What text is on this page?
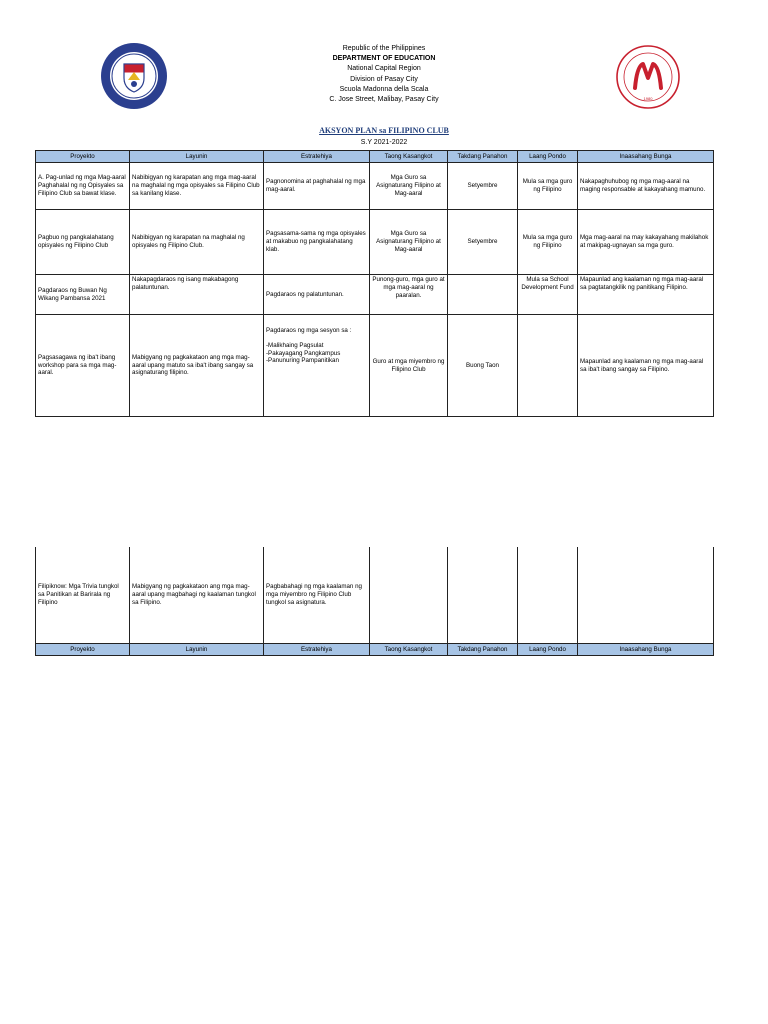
1980
Republic of the Philippines
DEPARTMENT OF EDUCATION
National Capital Region
Division of Pasay City
Scuola Madonna della Scala
C. Jose Street, Malibay, Pasay City
AKSYON PLAN sa FILIPINO CLUB
S.Y 2021-2022
Proyekto	Layunin	Estratehiya	Taong Kasangkot	Takdang Panahon	Laang Pondo	Inaasahang Bunga
A. Pag-unlad ng mga Mag-aaral Paghahalal ng ng Opisyales sa Filipino Club sa bawat klase.	Nabibigyan ng karapatan ang mga mag-aaral na maghalal ng mga opisyales sa Filipino Club sa kanilang klase.	Pagnonomina at paghahalal ng mga mag-aaral.	Mga Guro sa Asignaturang Filipino at Mag-aaral	Setyembre	Mula sa mga guro ng Filipino	Nakapaghuhubog ng mga mag-aaral na maging responsable at kakayahang mamuno.
Pagbuo ng pangkalahatang opisyales ng Filipino Club	Nabibigyan ng karapatan na maghalal ng opisyales ng Filipino Club.	Pagsasama-sama ng mga opisyales at makabuo ng pangkalahatang klab.	Mga Guro sa Asignaturang Filipino at Mag-aaral	Setyembre	Mula sa mga guro ng Filipino	Mga mag-aaral na may kakayahang makilahok at makipag-ugnayan sa mga guro.
Pagdaraos ng Buwan Ng Wikang Pambansa 2021	Nakapagdaraos ng isang makabagong palatuntunan.	Pagdaraos ng palatuntunan.	Punong-guro, mga guro at mga mag-aaral ng paaralan.		Mula sa School Development Fund	Mapaunlad ang kaalaman ng mga mag-aaral sa pagtatangkilik ng panitikang Filipino.
Pagsasagawa ng iba't ibang workshop para sa mga mag-aaral.	Mabigyang ng pagkakataon ang mga mag-aaral upang matuto sa iba't ibang sangay sa asignaturang filipino.	Pagdaraos ng mga sesyon sa :
-Malikhaing Pagsulat
-Pakayagang Pangkampus
-Panunuring Pampanitikan	Guro at mga miyembro ng Filipino Club	Buong Taon		Mapaunlad ang kaalaman ng mga mag-aaral sa iba't ibang sangay sa Filipino.
Filipiknow: Mga Trivia tungkol sa Panitikan at Barirala ng Filipino	Mabigyang ng pagkakataon ang mga mag-aaral upang magbahagi ng kaalaman tungkol sa Filipino.	Pagbabahagi ng mga kaalaman ng mga miyembro ng Filipino Club tungkol sa asignatura.				
Proyekto	Layunin	Estratehiya	Taong Kasangkot	Takdang Panahon	Laang Pondo	Inaasahang Bunga
